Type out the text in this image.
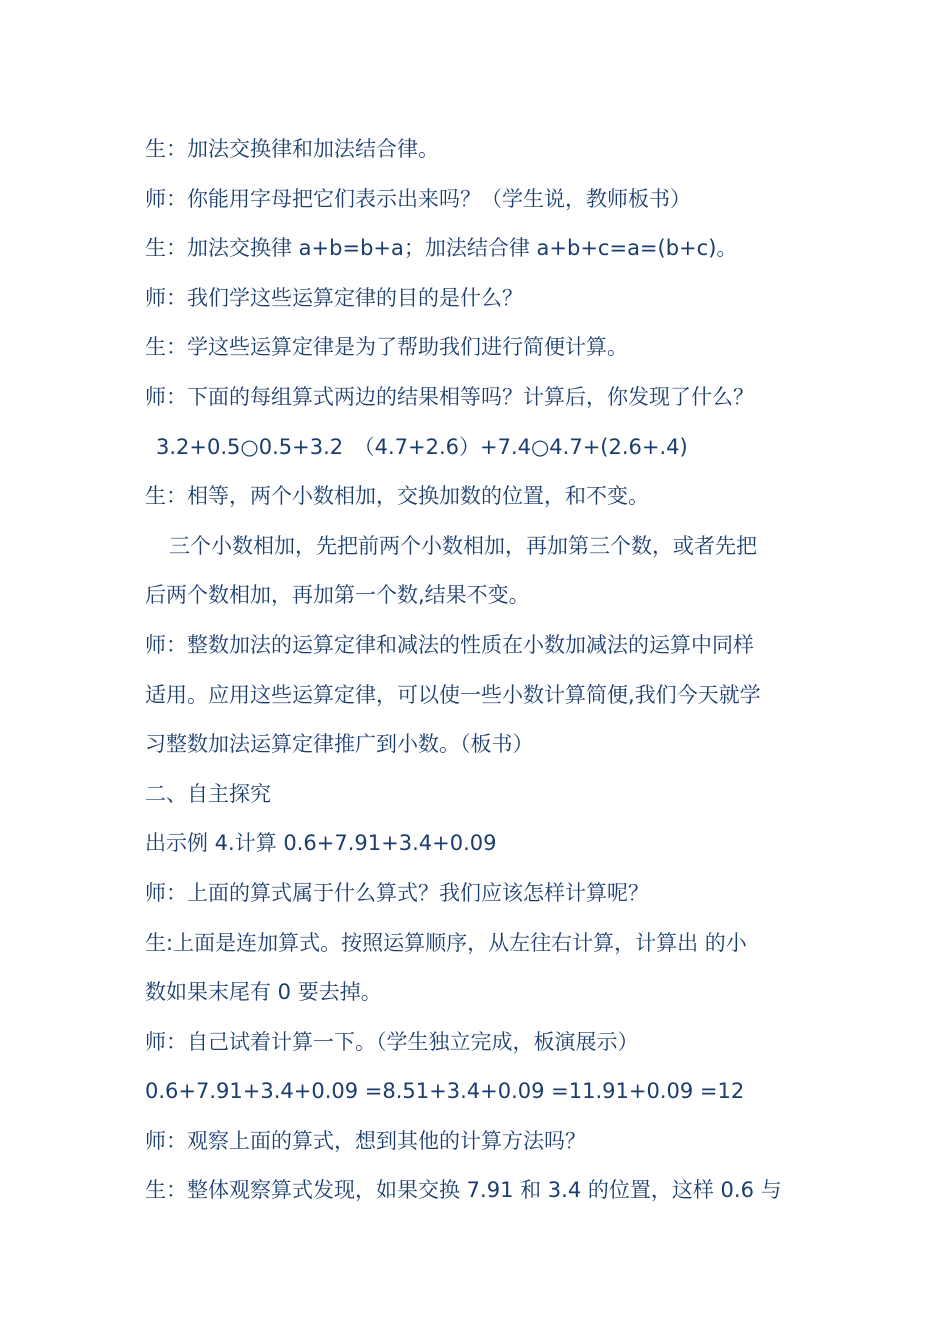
生：加法交换律和加法结合律。
师：你能用字母把它们表示出来吗？（学生说，教师板书）
生：加法交换律 a+b=b+a；加法结合律 a+b+c=a=(b+c)。
师：我们学这些运算定律的目的是什么？
生：学这些运算定律是为了帮助我们进行简便计算。
师：下面的每组算式两边的结果相等吗？计算后，你发现了什么？
3.2+0.5○0.5+3.2　（4.7+2.6）+7.4○4.7+(2.6+.4)
生：相等，两个小数相加，交换加数的位置，和不变。
三个小数相加，先把前两个小数相加，再加第三个数，或者先把
后两个数相加，再加第一个数,结果不变。
师：整数加法的运算定律和减法的性质在小数加减法的运算中同样
适用。应用这些运算定律，可以使一些小数计算简便,我们今天就学
习整数加法运算定律推广到小数。（板书）
二、自主探究
出示例 4.计算 0.6+7.91+3.4+0.09
师：上面的算式属于什么算式？我们应该怎样计算呢？
生:上面是连加算式。按照运算顺序，从左往右计算，计算出 的小
数如果末尾有 0 要去掉。
师：自己试着计算一下。（学生独立完成，板演展示）
0.6+7.91+3.4+0.09 =8.51+3.4+0.09 =11.91+0.09 =12
师：观察上面的算式，想到其他的计算方法吗？
生：整体观察算式发现，如果交换 7.91 和 3.4 的位置，这样 0.6 与
